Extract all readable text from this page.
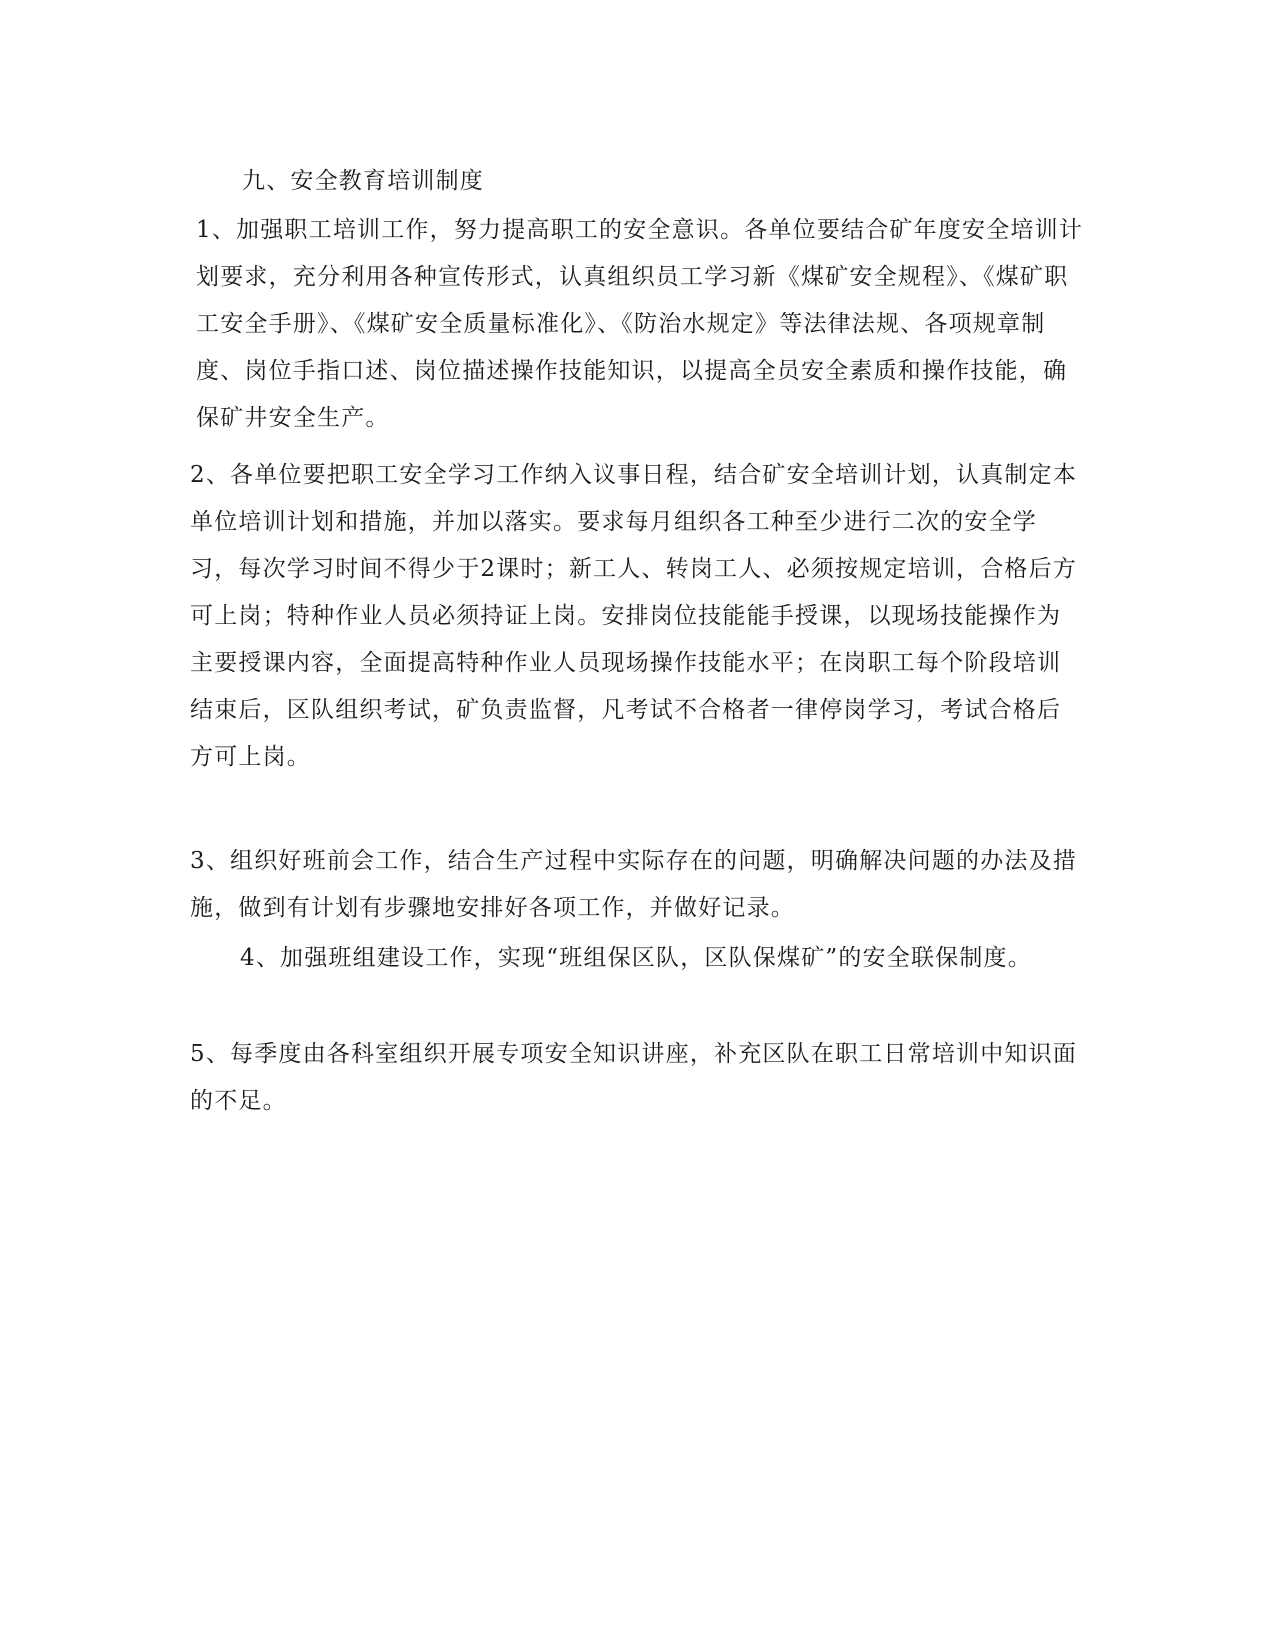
九、安全教育培训制度

1、加强职工培训工作，努力提高职工的安全意识。各单位要结合矿年度安全培训计划要求，充分利用各种宣传形式，认真组织员工学习新《煤矿安全规程》、《煤矿职工安全手册》、《煤矿安全质量标准化》、《防治水规定》等法律法规、各项规章制度、岗位手指口述、岗位描述操作技能知识，以提高全员安全素质和操作技能，确保矿井安全生产。

2、各单位要把职工安全学习工作纳入议事日程，结合矿安全培训计划，认真制定本单位培训计划和措施，并加以落实。要求每月组织各工种至少进行二次的安全学习，每次学习时间不得少于2课时；新工人、转岗工人、必须按规定培训，合格后方可上岗；特种作业人员必须持证上岗。安排岗位技能能手授课，以现场技能操作为主要授课内容，全面提高特种作业人员现场操作技能水平；在岗职工每个阶段培训结束后，区队组织考试，矿负责监督，凡考试不合格者一律停岗学习，考试合格后方可上岗。

3、组织好班前会工作，结合生产过程中实际存在的问题，明确解决问题的办法及措施，做到有计划有步骤地安排好各项工作，并做好记录。

4、加强班组建设工作，实现“班组保区队，区队保煤矿”的安全联保制度。

5、每季度由各科室组织开展专项安全知识讲座，补充区队在职工日常培训中知识面的不足。
